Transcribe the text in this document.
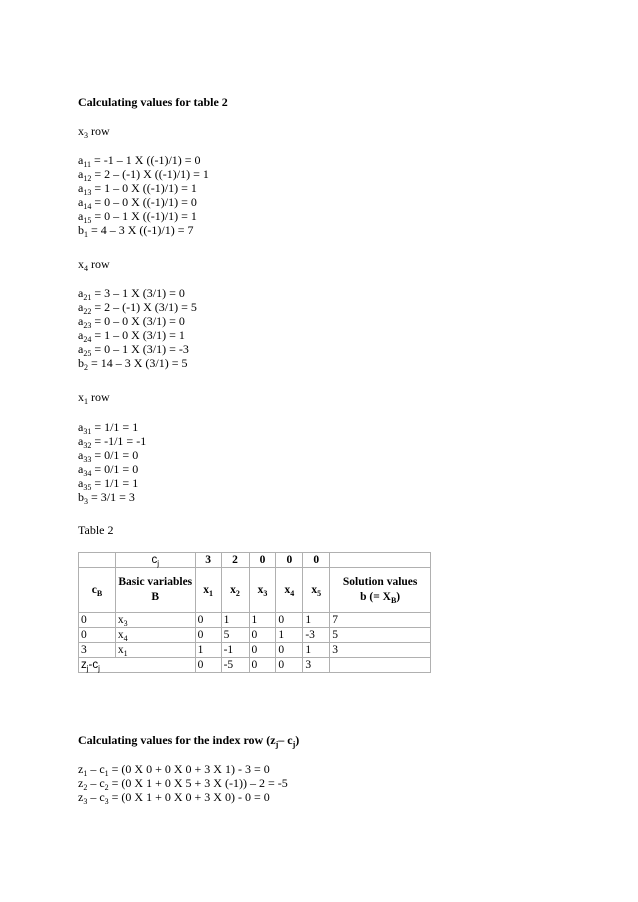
Calculating values for table 2
$x_3$ row
$a_{11} = -1 - 1$ X ((-1)/1) = 0
$a_{12} = 2 - (-1)$ X ((-1)/1) = 1
$a_{13} = 1 - 0$ X ((-1)/1) = 1
$a_{14} = 0 - 0$ X ((-1)/1) = 0
$a_{15} = 0 - 1$ X ((-1)/1) = 1
$b_1 = 4 - 3$ X ((-1)/1) = 7
$x_4$ row
$a_{21} = 3 - 1$ X (3/1) = 0
$a_{22} = 2 - (-1)$ X (3/1) = 5
$a_{23} = 0 - 0$ X (3/1) = 0
$a_{24} = 1 - 0$ X (3/1) = 1
$a_{25} = 0 - 1$ X (3/1) = -3
$b_2 = 14 - 3$ X (3/1) = 5
$x_1$ row
$a_{31} = 1/1 = 1$
$a_{32} = -1/1 = -1$
$a_{33} = 0/1 = 0$
$a_{34} = 0/1 = 0$
$a_{35} = 1/1 = 1$
$b_3 = 3/1 = 3$
Table 2
	$c_j$	3	2	0	0	0	
$c_B$	Basic variables B	$x_1$	$x_2$	$x_3$	$x_4$	$x_5$	Solution values
b (= $X_B$)
0	$x_3$	0	1	1	0	1	7
0	$x_4$	0	5	0	1	-3	5
3	$x_1$	1	-1	0	0	1	3
$z_j-c_j$		0	-5	0	0	3	
Calculating values for the index row ($z_j-$ $c_j$)
$z_1 - c_1 = (0$ X 0 + 0 X 0 + 3 X 1) - 3 = 0
$z_2 - c_2 = (0$ X 1 + 0 X 5 + 3 X (-1)) – 2 = -5
$z_3 - c_3 = (0$ X 1 + 0 X 0 + 3 X 0) - 0 = 0
